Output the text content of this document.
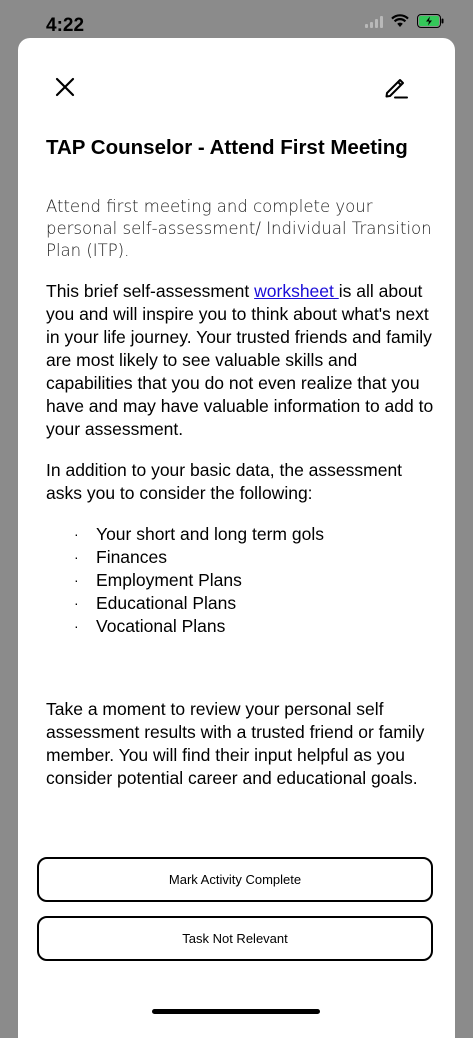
4:22
TAP Counselor - Attend First Meeting

Attend first meeting and complete your personal self-assessment/ Individual Transition Plan (ITP).

This brief self-assessment worksheet is all about you and will inspire you to think about what's next in your life journey. Your trusted friends and family are most likely to see valuable skills and capabilities that you do not even realize that you have and may have valuable information to add to your assessment.

In addition to your basic data, the assessment asks you to consider the following:

· Your short and long term gols
· Finances
· Employment Plans
· Educational Plans
· Vocational Plans

Take a moment to review your personal self assessment results with a trusted friend or family member. You will find their input helpful as you consider potential career and educational goals.

Mark Activity Complete
Task Not Relevant
